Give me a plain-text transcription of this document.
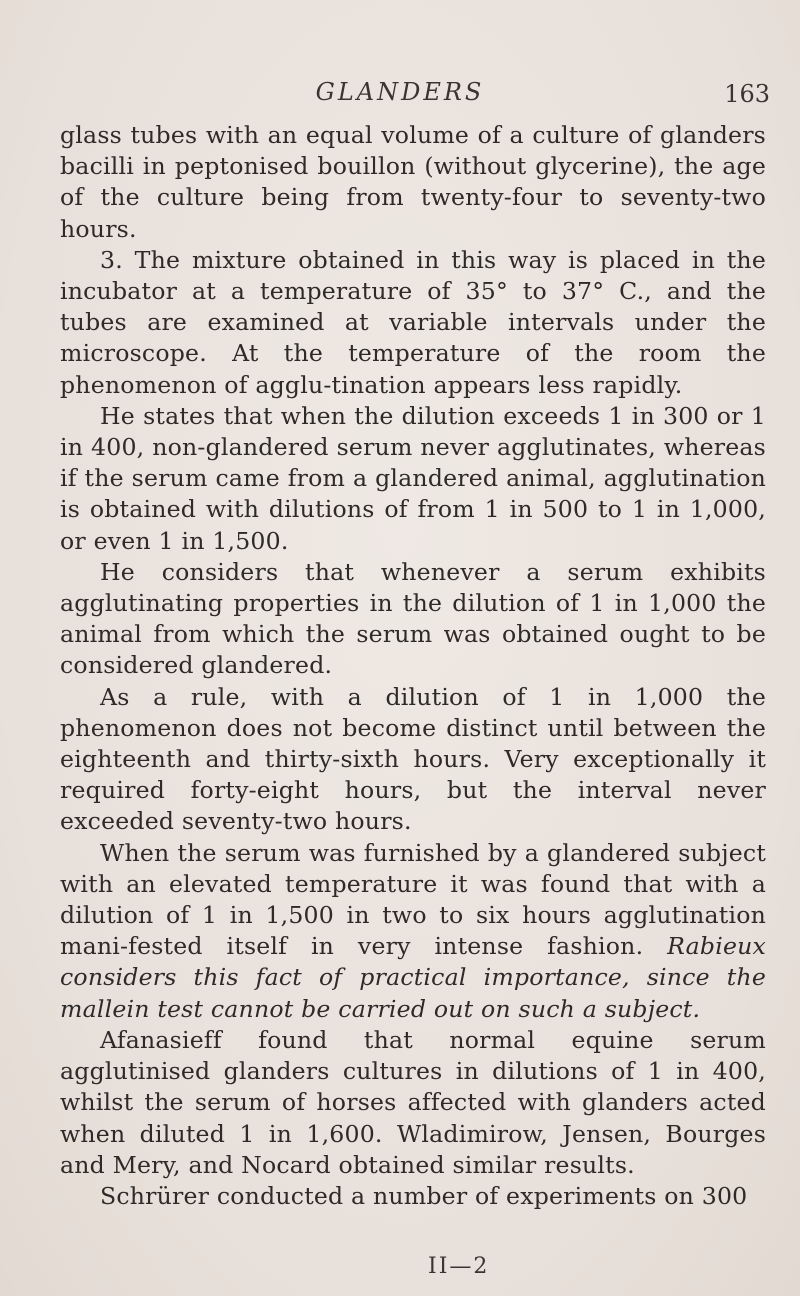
GLANDERS	163

glass tubes with an equal volume of a culture of glanders bacilli in peptonised bouillon (without glycerine), the age of the culture being from twenty-four to seventy-two hours.

3. The mixture obtained in this way is placed in the incubator at a temperature of 35° to 37° C., and the tubes are examined at variable intervals under the microscope. At the temperature of the room the phenomenon of agglu-tination appears less rapidly.

He states that when the dilution exceeds 1 in 300 or 1 in 400, non-glandered serum never agglutinates, whereas if the serum came from a glandered animal, agglutination is obtained with dilutions of from 1 in 500 to 1 in 1,000, or even 1 in 1,500.

He considers that whenever a serum exhibits agglutinating properties in the dilution of 1 in 1,000 the animal from which the serum was obtained ought to be considered glandered.

As a rule, with a dilution of 1 in 1,000 the phenomenon does not become distinct until between the eighteenth and thirty-sixth hours. Very exceptionally it required forty-eight hours, but the interval never exceeded seventy-two hours.

When the serum was furnished by a glandered subject with an elevated temperature it was found that with a dilution of 1 in 1,500 in two to six hours agglutination mani-fested itself in very intense fashion. Rabieux considers this fact of practical importance, since the mallein test cannot be carried out on such a subject.

Afanasieff found that normal equine serum agglutinised glanders cultures in dilutions of 1 in 400, whilst the serum of horses affected with glanders acted when diluted 1 in 1,600. Wladimirow, Jensen, Bourges and Mery, and Nocard obtained similar results.

Schrürer conducted a number of experiments on 300

II—2
